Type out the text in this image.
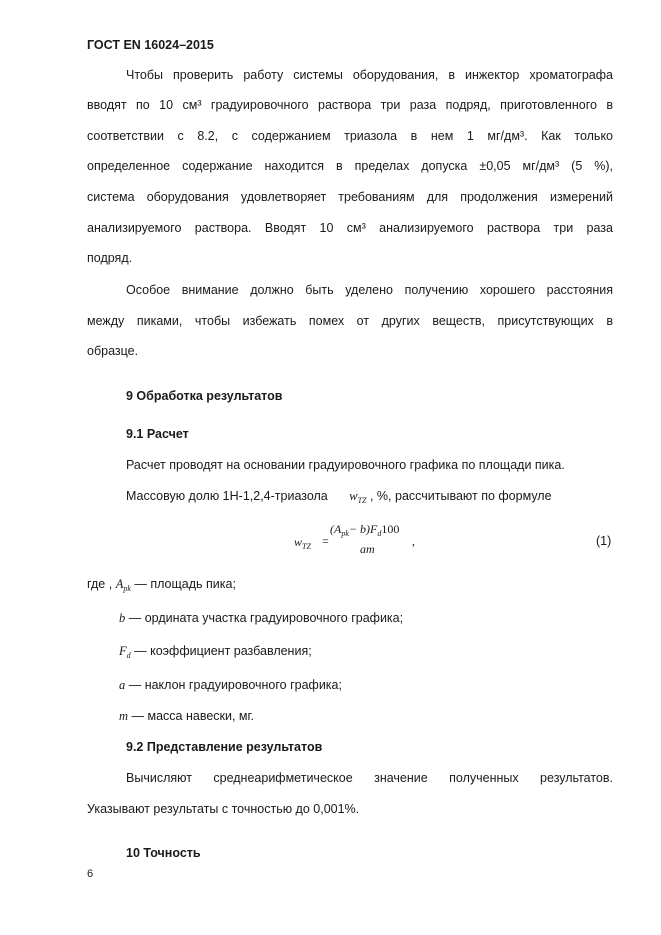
ГОСТ EN 16024–2015
Чтобы проверить работу системы оборудования, в инжектор хроматографа
вводят по 10 см³ градуировочного раствора три раза подряд, приготовленного в
соответствии с 8.2, с содержанием триазола в нем 1 мг/дм³. Как только
определенное содержание находится в пределах допуска ±0,05 мг/дм³ (5 %),
система оборудования удовлетворяет требованиям для продолжения измерений
анализируемого раствора. Вводят 10 см³ анализируемого раствора три раза
подряд.
Особое внимание должно быть уделено получению хорошего расстояния
между пиками, чтобы избежать помех от других веществ, присутствующих в
образце.
9 Обработка результатов
9.1 Расчет
Расчет проводят на основании градуировочного графика по площади пика.
Массовую долю 1Н-1,2,4-триазола $w_{TZ}$ , %, рассчитывают по формуле
$w_{TZ}$ =
$(A_{pk}- b)F_d100$
am
,	(1)
где , $A_{pk}$ — площадь пика;
b — ордината участка градуировочного графика;
$F_d$ — коэффициент разбавления;
a — наклон градуировочного графика;
m — масса навески, мг.
9.2 Представление результатов
Вычисляют среднеарифметическое значение полученных результатов.
Указывают результаты с точностью до 0,001%.
10 Точность
6
